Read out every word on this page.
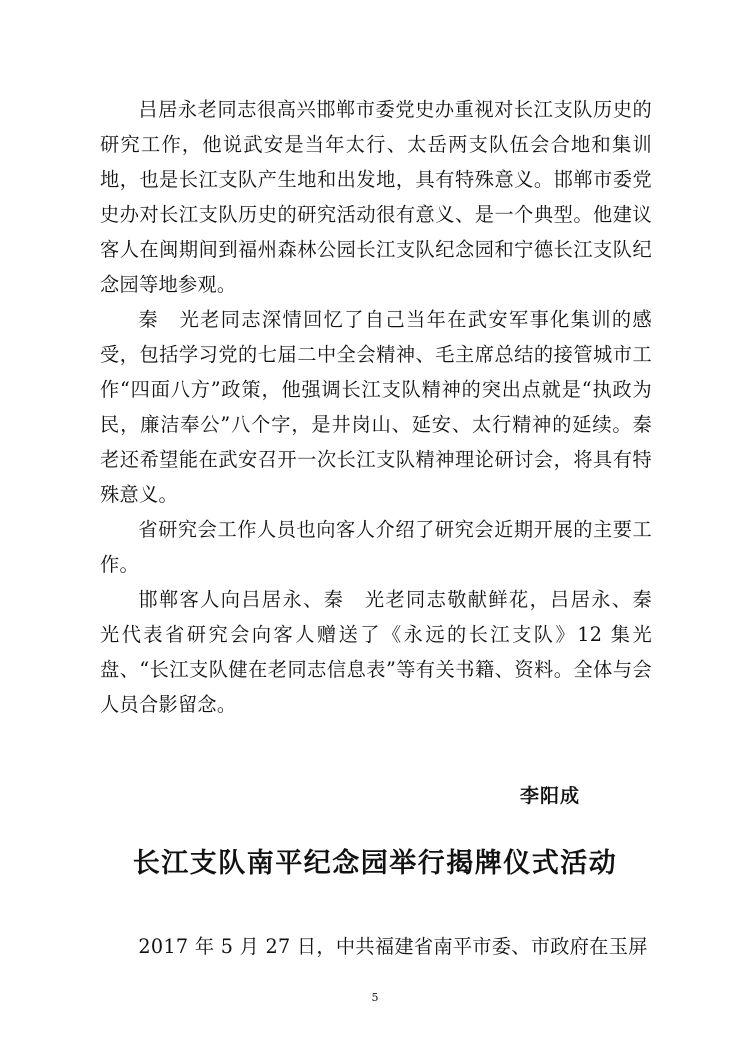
吕居永老同志很高兴邯郸市委党史办重视对长江支队历史的研究工作，他说武安是当年太行、太岳两支队伍会合地和集训地，也是长江支队产生地和出发地，具有特殊意义。邯郸市委党史办对长江支队历史的研究活动很有意义、是一个典型。他建议客人在闽期间到福州森林公园长江支队纪念园和宁德长江支队纪念园等地参观。

秦　光老同志深情回忆了自己当年在武安军事化集训的感受，包括学习党的七届二中全会精神、毛主席总结的接管城市工作“四面八方”政策，他强调长江支队精神的突出点就是“执政为民，廉洁奉公”八个字，是井岗山、延安、太行精神的延续。秦老还希望能在武安召开一次长江支队精神理论研讨会，将具有特殊意义。

省研究会工作人员也向客人介绍了研究会近期开展的主要工作。

邯郸客人向吕居永、秦　光老同志敬献鲜花，吕居永、秦　光代表省研究会向客人赠送了《永远的长江支队》12 集光盘、“长江支队健在老同志信息表”等有关书籍、资料。全体与会人员合影留念。

李阳成
长江支队南平纪念园举行揭牌仪式活动
2017 年 5 月 27 日，中共福建省南平市委、市政府在玉屏
5
